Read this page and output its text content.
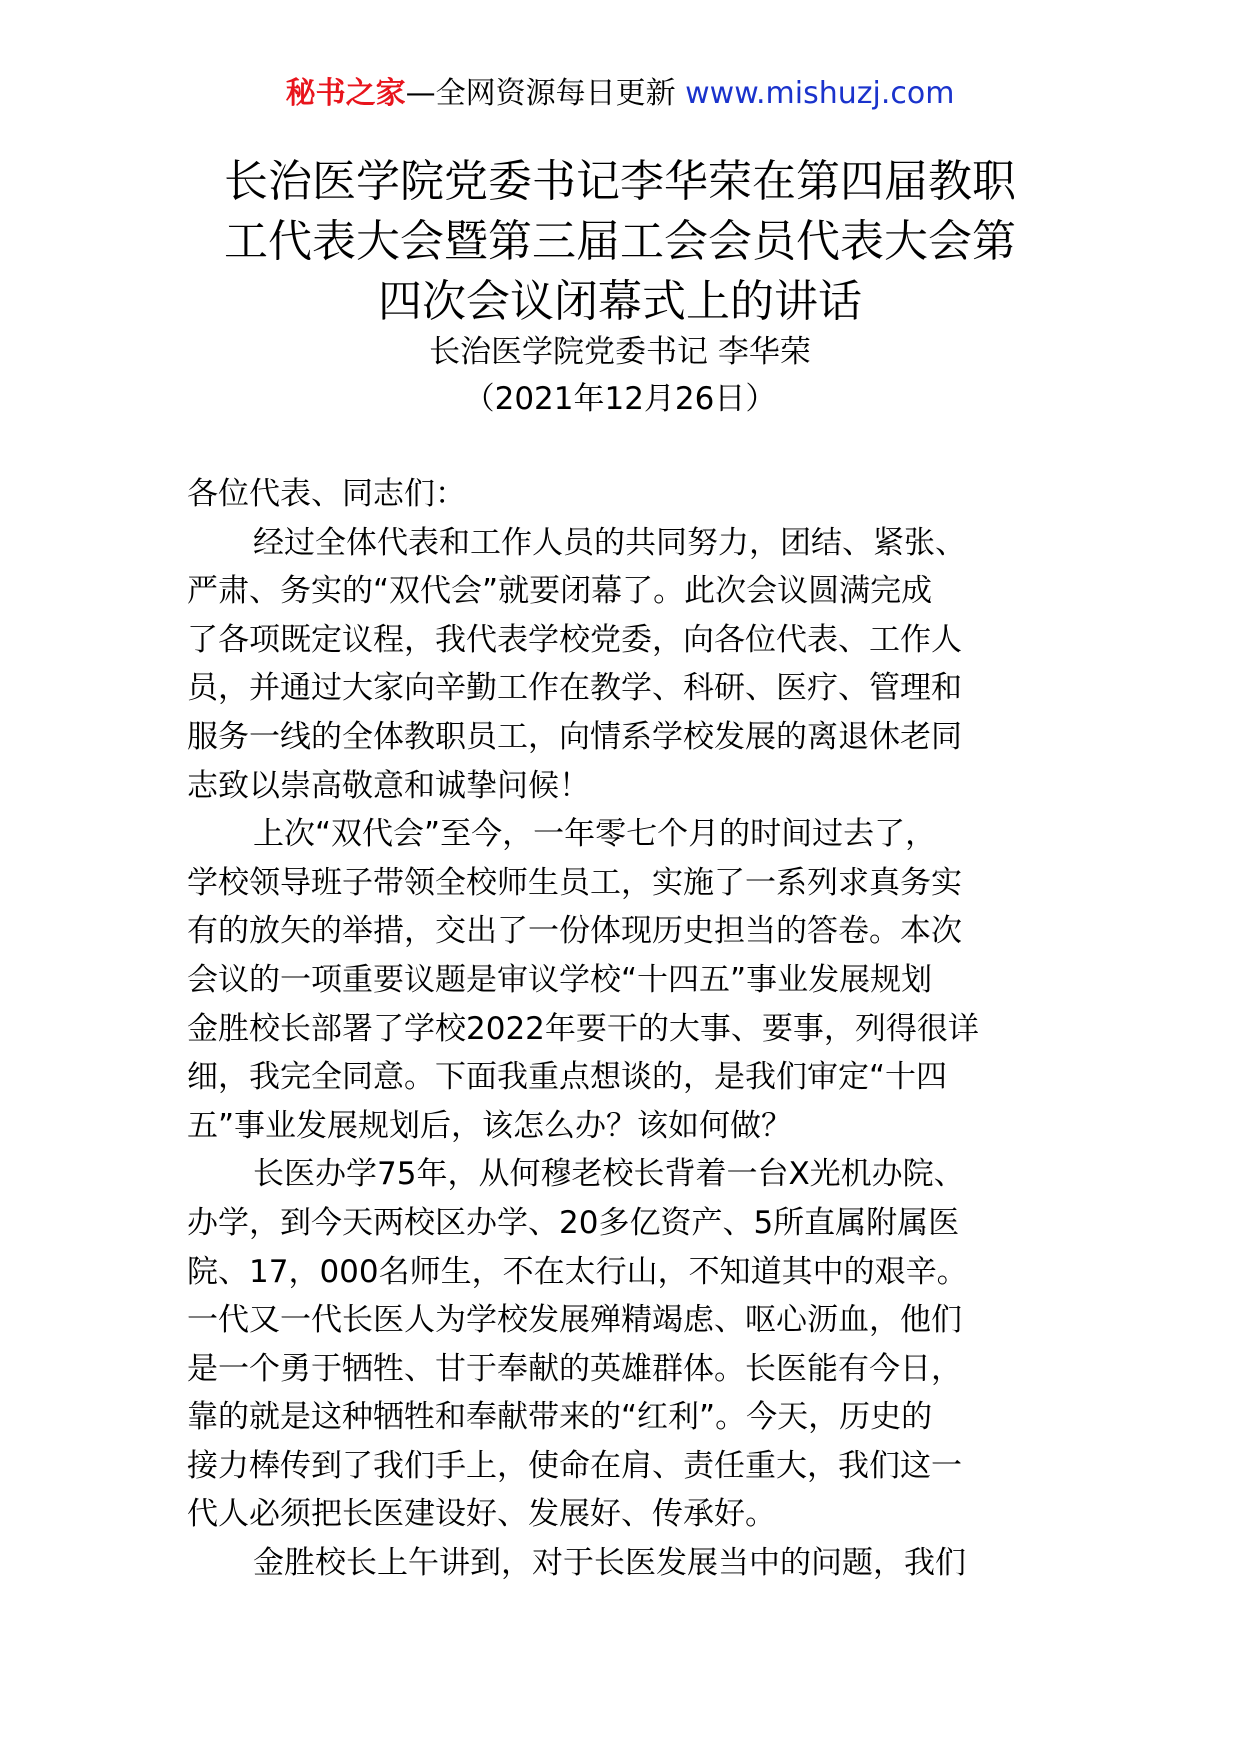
秘书之家—全网资源每日更新 www.mishuzj.com
长治医学院党委书记李华荣在第四届教职
工代表大会暨第三届工会会员代表大会第
四次会议闭幕式上的讲话
长治医学院党委书记 李华荣
（2021年12月26日）
各位代表、同志们：
经过全体代表和工作人员的共同努力，团结、紧张、
严肃、务实的“双代会”就要闭幕了。此次会议圆满完成
了各项既定议程，我代表学校党委，向各位代表、工作人
员，并通过大家向辛勤工作在教学、科研、医疗、管理和
服务一线的全体教职员工，向情系学校发展的离退休老同
志致以崇高敬意和诚挚问候！
上次“双代会”至今，一年零七个月的时间过去了，
学校领导班子带领全校师生员工，实施了一系列求真务实
有的放矢的举措，交出了一份体现历史担当的答卷。本次
会议的一项重要议题是审议学校“十四五”事业发展规划
金胜校长部署了学校2022年要干的大事、要事，列得很详
细，我完全同意。下面我重点想谈的，是我们审定“十四
五”事业发展规划后，该怎么办？该如何做？
长医办学75年，从何穆老校长背着一台X光机办院、
办学，到今天两校区办学、20多亿资产、5所直属附属医
院、17，000名师生，不在太行山，不知道其中的艰辛。
一代又一代长医人为学校发展殚精竭虑、呕心沥血，他们
是一个勇于牺牲、甘于奉献的英雄群体。长医能有今日，
靠的就是这种牺牲和奉献带来的“红利”。今天，历史的
接力棒传到了我们手上，使命在肩、责任重大，我们这一
代人必须把长医建设好、发展好、传承好。
金胜校长上午讲到，对于长医发展当中的问题，我们
